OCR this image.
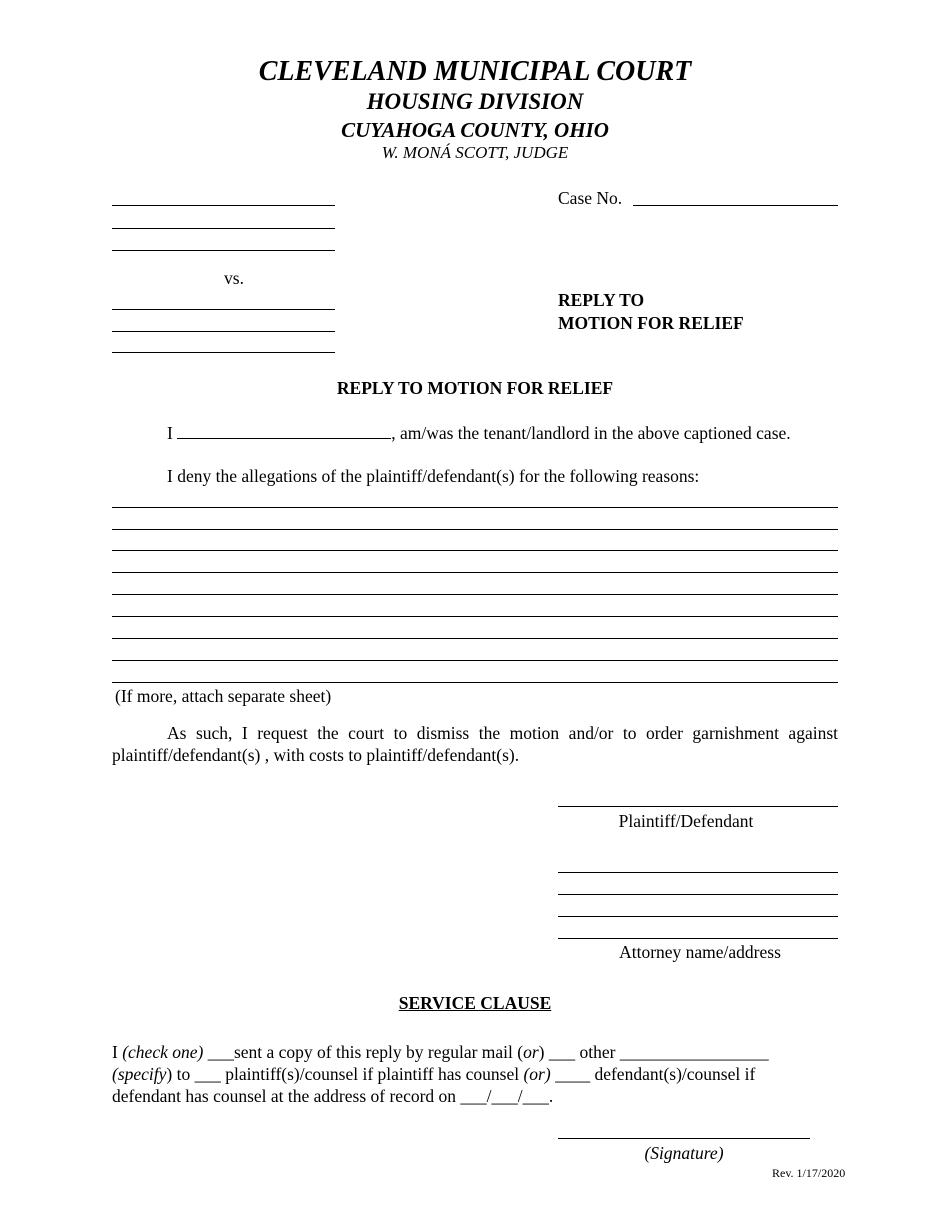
CLEVELAND MUNICIPAL COURT
HOUSING DIVISION
CUYAHOGA COUNTY, OHIO
W. MONÁ SCOTT, JUDGE
vs.
Case No.
REPLY TO
MOTION FOR RELIEF
REPLY TO MOTION FOR RELIEF
I	, am/was the tenant/landlord in the above captioned case.
I deny the allegations of the plaintiff/defendant(s) for the following reasons:
(If more, attach separate sheet)
As such, I request the court to dismiss the motion and/or to order garnishment against plaintiff/defendant(s) , with costs to plaintiff/defendant(s).
Plaintiff/Defendant
Attorney name/address
SERVICE CLAUSE
I (check one) ___sent a copy of this reply by regular mail (or) ___ other _________________
(specify) to ___ plaintiff(s)/counsel if plaintiff has counsel (or) ____ defendant(s)/counsel if
defendant has counsel at the address of record on ___/___/___.
(Signature)
Rev. 1/17/2020
